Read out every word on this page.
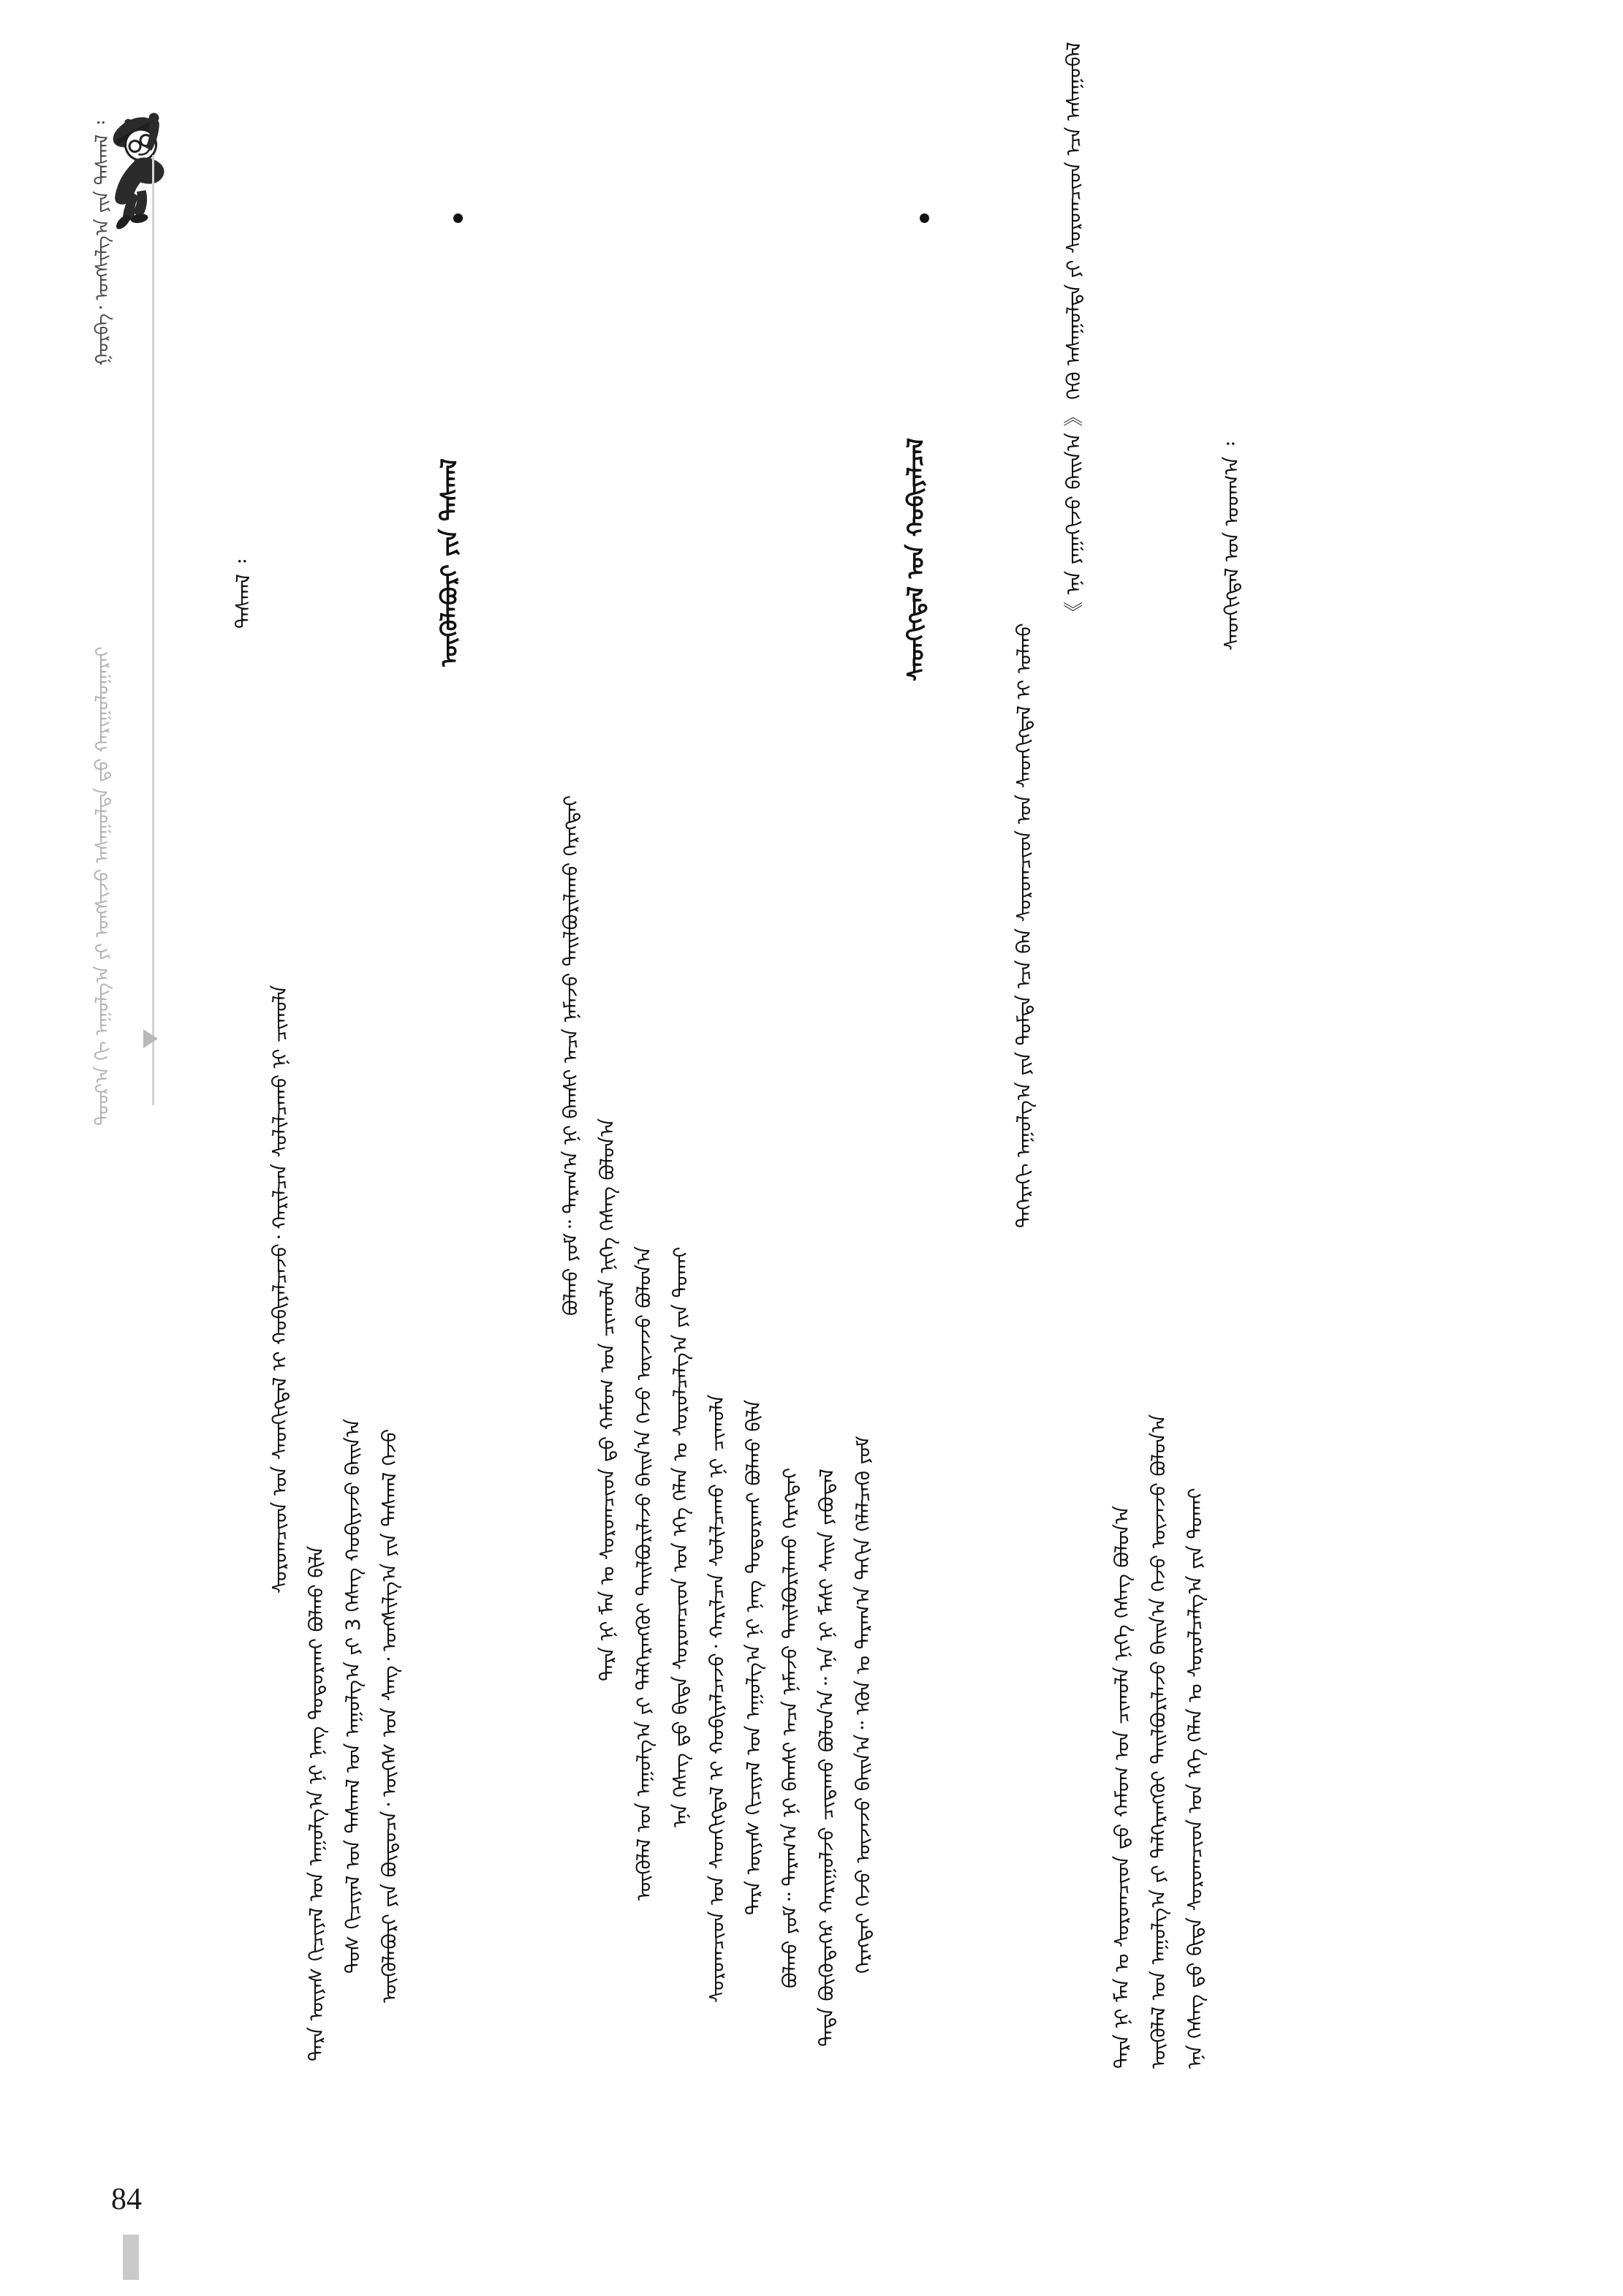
ᠭᠤᠷᠪᠠ᠂ ᠤᠩᠰᠢᠯᠭ᠎ᠠ ᠶᠢᠨ ᠳᠠᠰᠬᠠᠯ ᠄
ᠳᠣᠣᠷ᠎ᠠ ᠬᠢ ᠠᠭᠤᠯᠭ᠎ᠠ ᠶᠢ ᠤᠩᠰᠢᠵᠤ ᠠᠰᠠᠭᠤᠯᠲᠠ ᠳ᠋ᠤ ᠬᠠᠷᠢᠭᠤᠯᠤᠭᠠᠷᠠᠢ
ᠰᠡᠳᠬᠢᠭᠳᠡᠯ ᠤᠨ ᠤᠳᠬ᠎ᠠ ᠄
ᠡᠨᠡ ᠬᠡᠰᠡᠭ ᠳ᠋ᠤ ᠪᠢᠳᠡ ᠰᠤᠷᠤᠭᠴᠢᠳ ᠤᠨ ᠡᠬᠡ ᠬᠡᠯᠡᠨ ᠤ ᠰᠤᠷᠤᠯᠴᠠᠯᠭ᠎ᠠ ᠶᠢᠨ ᠲᠤᠬᠠᠢ
ᠥᠭᠦᠯᠡᠯ ᠤᠨ ᠠᠭᠤᠯᠭ᠎ᠠ ᠶᠢ ᠳᠡᠯᠭᠡᠷᠡᠩᠭᠦᠢ ᠲᠠᠢᠯᠪᠤᠷᠢᠯᠠᠵᠤ ᠪᠠᠢᠨ᠎ᠠ ᠭᠡᠵᠦ ᠦᠵᠡᠵᠦ ᠪᠤᠯᠤᠨ᠎ᠠ
ᠲᠡᠷᠡ ᠨᠢ ᠮᠠᠨ ᠤ ᠰᠤᠷᠤᠭᠴᠢᠳ ᠳ᠋ᠤ ᠬᠠᠮᠤᠭ ᠤᠨ ᠴᠢᠬᠤᠯᠠ ᠨᠢᠭᠡ ᠬᠡᠰᠡᠭ ᠪᠤᠯᠤᠨ᠎ᠠ
《 ᠡᠨᠡ ᠶᠠᠭᠠᠬᠢᠵᠤ ᠪᠠᠢᠨ᠎ᠠ 》 ᠭᠡᠬᠦ ᠠᠰᠠᠭᠤᠯᠲᠠ ᠶᠢ ᠰᠤᠷᠤᠭᠴᠢᠳ ᠡᠴᠡ ᠠᠰᠠᠭᠤᠪᠠᠯ
ᠳᠡᠭᠡᠷᠡᠬᠢ ᠠᠭᠤᠯᠭ᠎ᠠ ᠶᠢᠨ ᠳᠤᠮᠳᠠ ᠡᠴᠡ ᠪᠠᠨ ᠰᠤᠷᠤᠭᠴᠢᠳ ᠤᠨ ᠰᠡᠳᠬᠢᠭᠳᠡᠯ ᠢ ᠤᠯᠬᠤ
ᠰᠡᠳᠬᠢᠭᠳᠡᠯ ᠤᠨ ᠬᠤᠪᠢᠶᠠᠯᠴᠠᠯ
ᠬᠡᠷᠡᠭᠲᠡᠢ ᠭᠡᠵᠦ ᠦᠵᠡᠵᠦ ᠪᠠᠢᠨ᠎ᠠ᠃ ᠡᠭᠦᠨ ᠤ ᠳᠠᠷᠠᠭ᠎ᠠ ᠳᠠᠬᠢᠨ ᠬᠡᠯᠡᠯᠴᠡᠬᠦ ᠶᠤᠮ
ᠲᠡᠳᠡ ᠪᠦᠭᠦᠳᠡᠭᠡᠷ ᠬᠠᠷᠢᠭᠤᠯᠵᠤ ᠴᠢᠳᠠᠬᠤ ᠪᠤᠯᠤᠨ᠎ᠠ᠃ ᠡᠨᠡ ᠨᠢ ᠮᠠᠰᠢ ᠰᠠᠢᠨ ᠶᠠᠪᠤᠳᠠᠯ
ᠪᠤᠯᠬᠤ ᠶᠤᠮ᠃ ᠳᠠᠷᠠᠭ᠎ᠠ ᠨᠢ ᠪᠠᠭᠰᠢ ᠠᠴᠠ ᠨᠡᠮᠡᠵᠦ ᠲᠠᠢᠯᠪᠤᠷᠢᠯᠠᠬᠤ ᠬᠡᠷᠡᠭᠲᠡᠢ
ᠲᠡᠷᠡ ᠦᠶᠡᠰ ᠬᠢᠴᠢᠶᠡᠯ ᠤᠨ ᠠᠭᠤᠯᠭ᠎ᠠ ᠨᠢ ᠨᠡᠩ ᠲᠤᠳᠤᠷᠬᠠᠢ ᠪᠤᠯᠬᠤ ᠪᠢᠯᠡ
ᠰᠤᠷᠤᠭᠴᠢᠳ ᠤᠨ ᠰᠡᠳᠬᠢᠭᠳᠡᠯ ᠢ ᠬᠤᠪᠢᠶᠠᠯᠴᠠᠵᠤ᠂ ᠬᠠᠷᠢᠯᠴᠠᠨ ᠰᠤᠯᠢᠯᠴᠠᠬᠤ ᠨᠢ ᠴᠢᠬᠤᠯᠠ
ᠡᠨᠡ ᠬᠡᠰᠡᠭ ᠳ᠋ᠤ ᠪᠢᠳᠡ ᠰᠤᠷᠤᠭᠴᠢᠳ ᠤᠨ ᠡᠬᠡ ᠬᠡᠯᠡᠨ ᠤ ᠰᠤᠷᠤᠯᠴᠠᠯᠭ᠎ᠠ ᠶᠢᠨ ᠲᠤᠬᠠᠢ
ᠥᠭᠦᠯᠡᠯ ᠤᠨ ᠠᠭᠤᠯᠭ᠎ᠠ ᠶᠢ ᠳᠡᠯᠭᠡᠷᠡᠩᠭᠦᠢ ᠲᠠᠢᠯᠪᠤᠷᠢᠯᠠᠵᠤ ᠪᠠᠢᠨ᠎ᠠ ᠭᠡᠵᠦ ᠦᠵᠡᠵᠦ ᠪᠤᠯᠤᠨ᠎ᠠ
ᠲᠡᠷᠡ ᠨᠢ ᠮᠠᠨ ᠤ ᠰᠤᠷᠤᠭᠴᠢᠳ ᠳ᠋ᠤ ᠬᠠᠮᠤᠭ ᠤᠨ ᠴᠢᠬᠤᠯᠠ ᠨᠢᠭᠡ ᠬᠡᠰᠡᠭ ᠪᠤᠯᠤᠨ᠎ᠠ
ᠪᠤᠯᠬᠤ ᠶᠤᠮ᠃ ᠳᠠᠷᠠᠭ᠎ᠠ ᠨᠢ ᠪᠠᠭᠰᠢ ᠠᠴᠠ ᠨᠡᠮᠡᠵᠦ ᠲᠠᠢᠯᠪᠤᠷᠢᠯᠠᠬᠤ ᠬᠡᠷᠡᠭᠲᠡᠢ
ᠦᠭᠦᠯᠡᠪᠦᠷᠢ ᠶᠢᠨ ᠳᠠᠰᠬᠠᠯ
ᠦᠭᠦᠯᠡᠪᠦᠷᠢ ᠶᠢᠨ ᠪᠦᠲᠦᠴᠡ᠂ ᠦᠭᠡᠰ ᠤᠨ ᠰᠠᠩ᠂ ᠤᠩᠰᠢᠯᠭ᠎ᠠ ᠶᠢᠨ ᠳᠠᠰᠬᠠᠯ ᠭᠡᠵᠦ
ᠲᠤᠰ ᠬᠢᠴᠢᠶᠡᠯ ᠤᠨ ᠳᠠᠰᠬᠠᠯ ᠤᠨ ᠠᠭᠤᠯᠭ᠎ᠠ ᠶᠢ 3 ᠬᠡᠰᠡᠭ ᠬᠤᠪᠢᠶᠠᠵᠤ ᠪᠠᠢᠨ᠎ᠠ
ᠲᠡᠷᠡ ᠦᠶᠡᠰ ᠬᠢᠴᠢᠶᠡᠯ ᠤᠨ ᠠᠭᠤᠯᠭ᠎ᠠ ᠨᠢ ᠨᠡᠩ ᠲᠤᠳᠤᠷᠬᠠᠢ ᠪᠤᠯᠬᠤ ᠪᠢᠯᠡ
ᠰᠤᠷᠤᠭᠴᠢᠳ ᠤᠨ ᠰᠡᠳᠬᠢᠭᠳᠡᠯ ᠢ ᠬᠤᠪᠢᠶᠠᠯᠴᠠᠵᠤ᠂ ᠬᠠᠷᠢᠯᠴᠠᠨ ᠰᠤᠯᠢᠯᠴᠠᠬᠤ ᠨᠢ ᠴᠢᠬᠤᠯᠠ
ᠳᠠᠰᠬᠠᠯ ᠄
84
